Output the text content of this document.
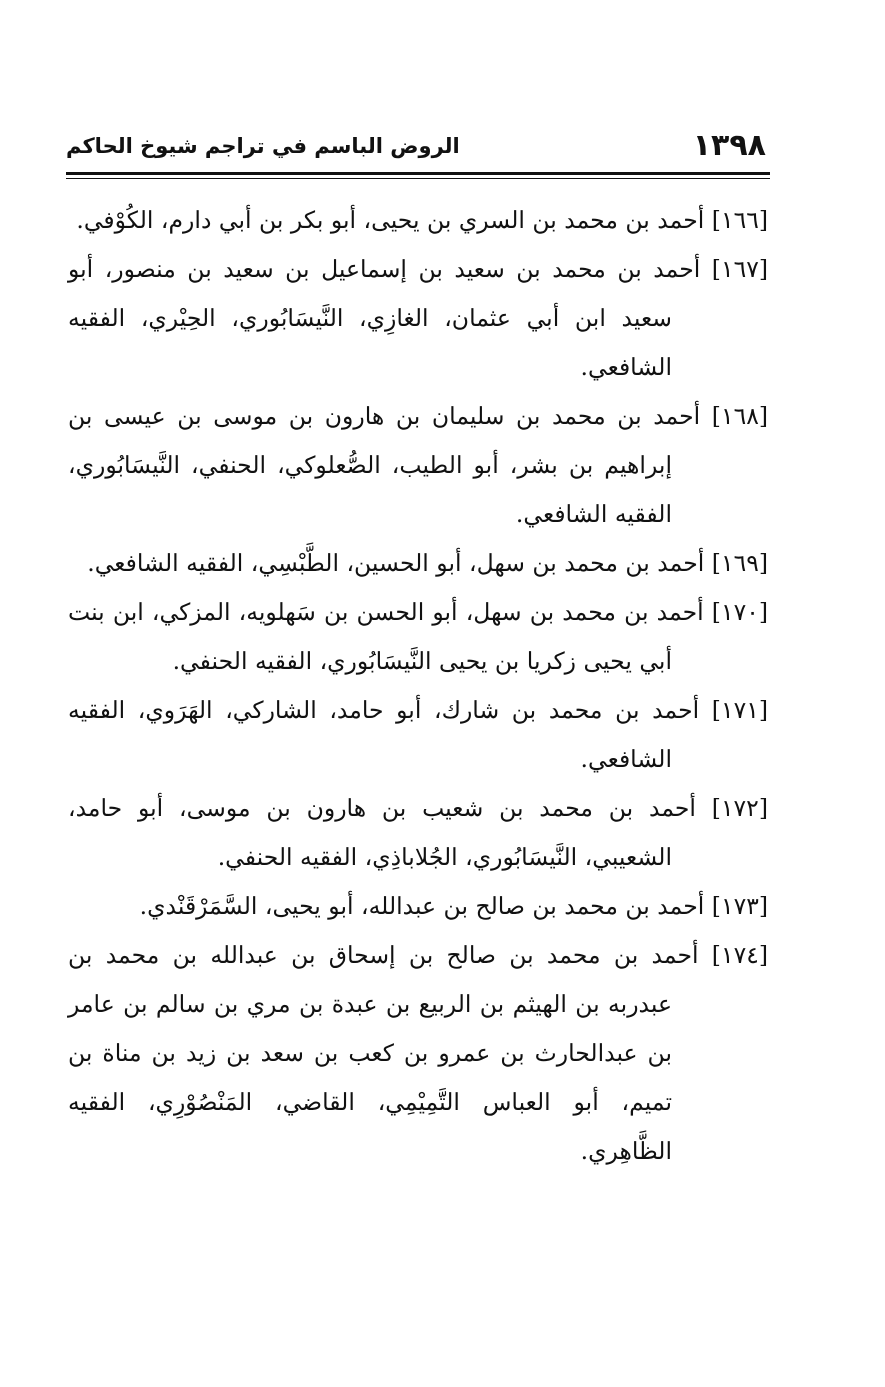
١٣٩٨
الروض الباسم في تراجم شيوخ الحاكم

[١٦٦] أحمد بن محمد بن السري بن يحيى، أبو بكر بن أبي دارم، الكُوْفي.

[١٦٧] أحمد بن محمد بن سعيد بن إسماعيل بن سعيد بن منصور، أبو سعيد ابن أبي عثمان، الغازِي، النَّيسَابُوري، الحِيْري، الفقيه الشافعي.

[١٦٨] أحمد بن محمد بن سليمان بن هارون بن موسى بن عيسى بن إبراهيم بن بشر، أبو الطيب، الصُّعلوكي، الحنفي، النَّيسَابُوري، الفقيه الشافعي.

[١٦٩] أحمد بن محمد بن سهل، أبو الحسين، الطَّبْسِي، الفقيه الشافعي.

[١٧٠] أحمد بن محمد بن سهل، أبو الحسن بن سَهلويه، المزكي، ابن بنت أبي يحيى زكريا بن يحيى النَّيسَابُوري، الفقيه الحنفي.

[١٧١] أحمد بن محمد بن شارك، أبو حامد، الشاركي، الهَرَوي، الفقيه الشافعي.

[١٧٢] أحمد بن محمد بن شعيب بن هارون بن موسى، أبو حامد، الشعيبي، النَّيسَابُوري، الجُلاباذِي، الفقيه الحنفي.

[١٧٣] أحمد بن محمد بن صالح بن عبدالله، أبو يحيى، السَّمَرْقَنْدي.

[١٧٤] أحمد بن محمد بن صالح بن إسحاق بن عبدالله بن محمد بن عبدربه بن الهيثم بن الربيع بن عبدة بن مري بن سالم بن عامر بن عبدالحارث بن عمرو بن كعب بن سعد بن زيد بن مناة بن تميم، أبو العباس التَّمِيْمِي، القاضي، المَنْصُوْرِي، الفقيه الظَّاهِري.
